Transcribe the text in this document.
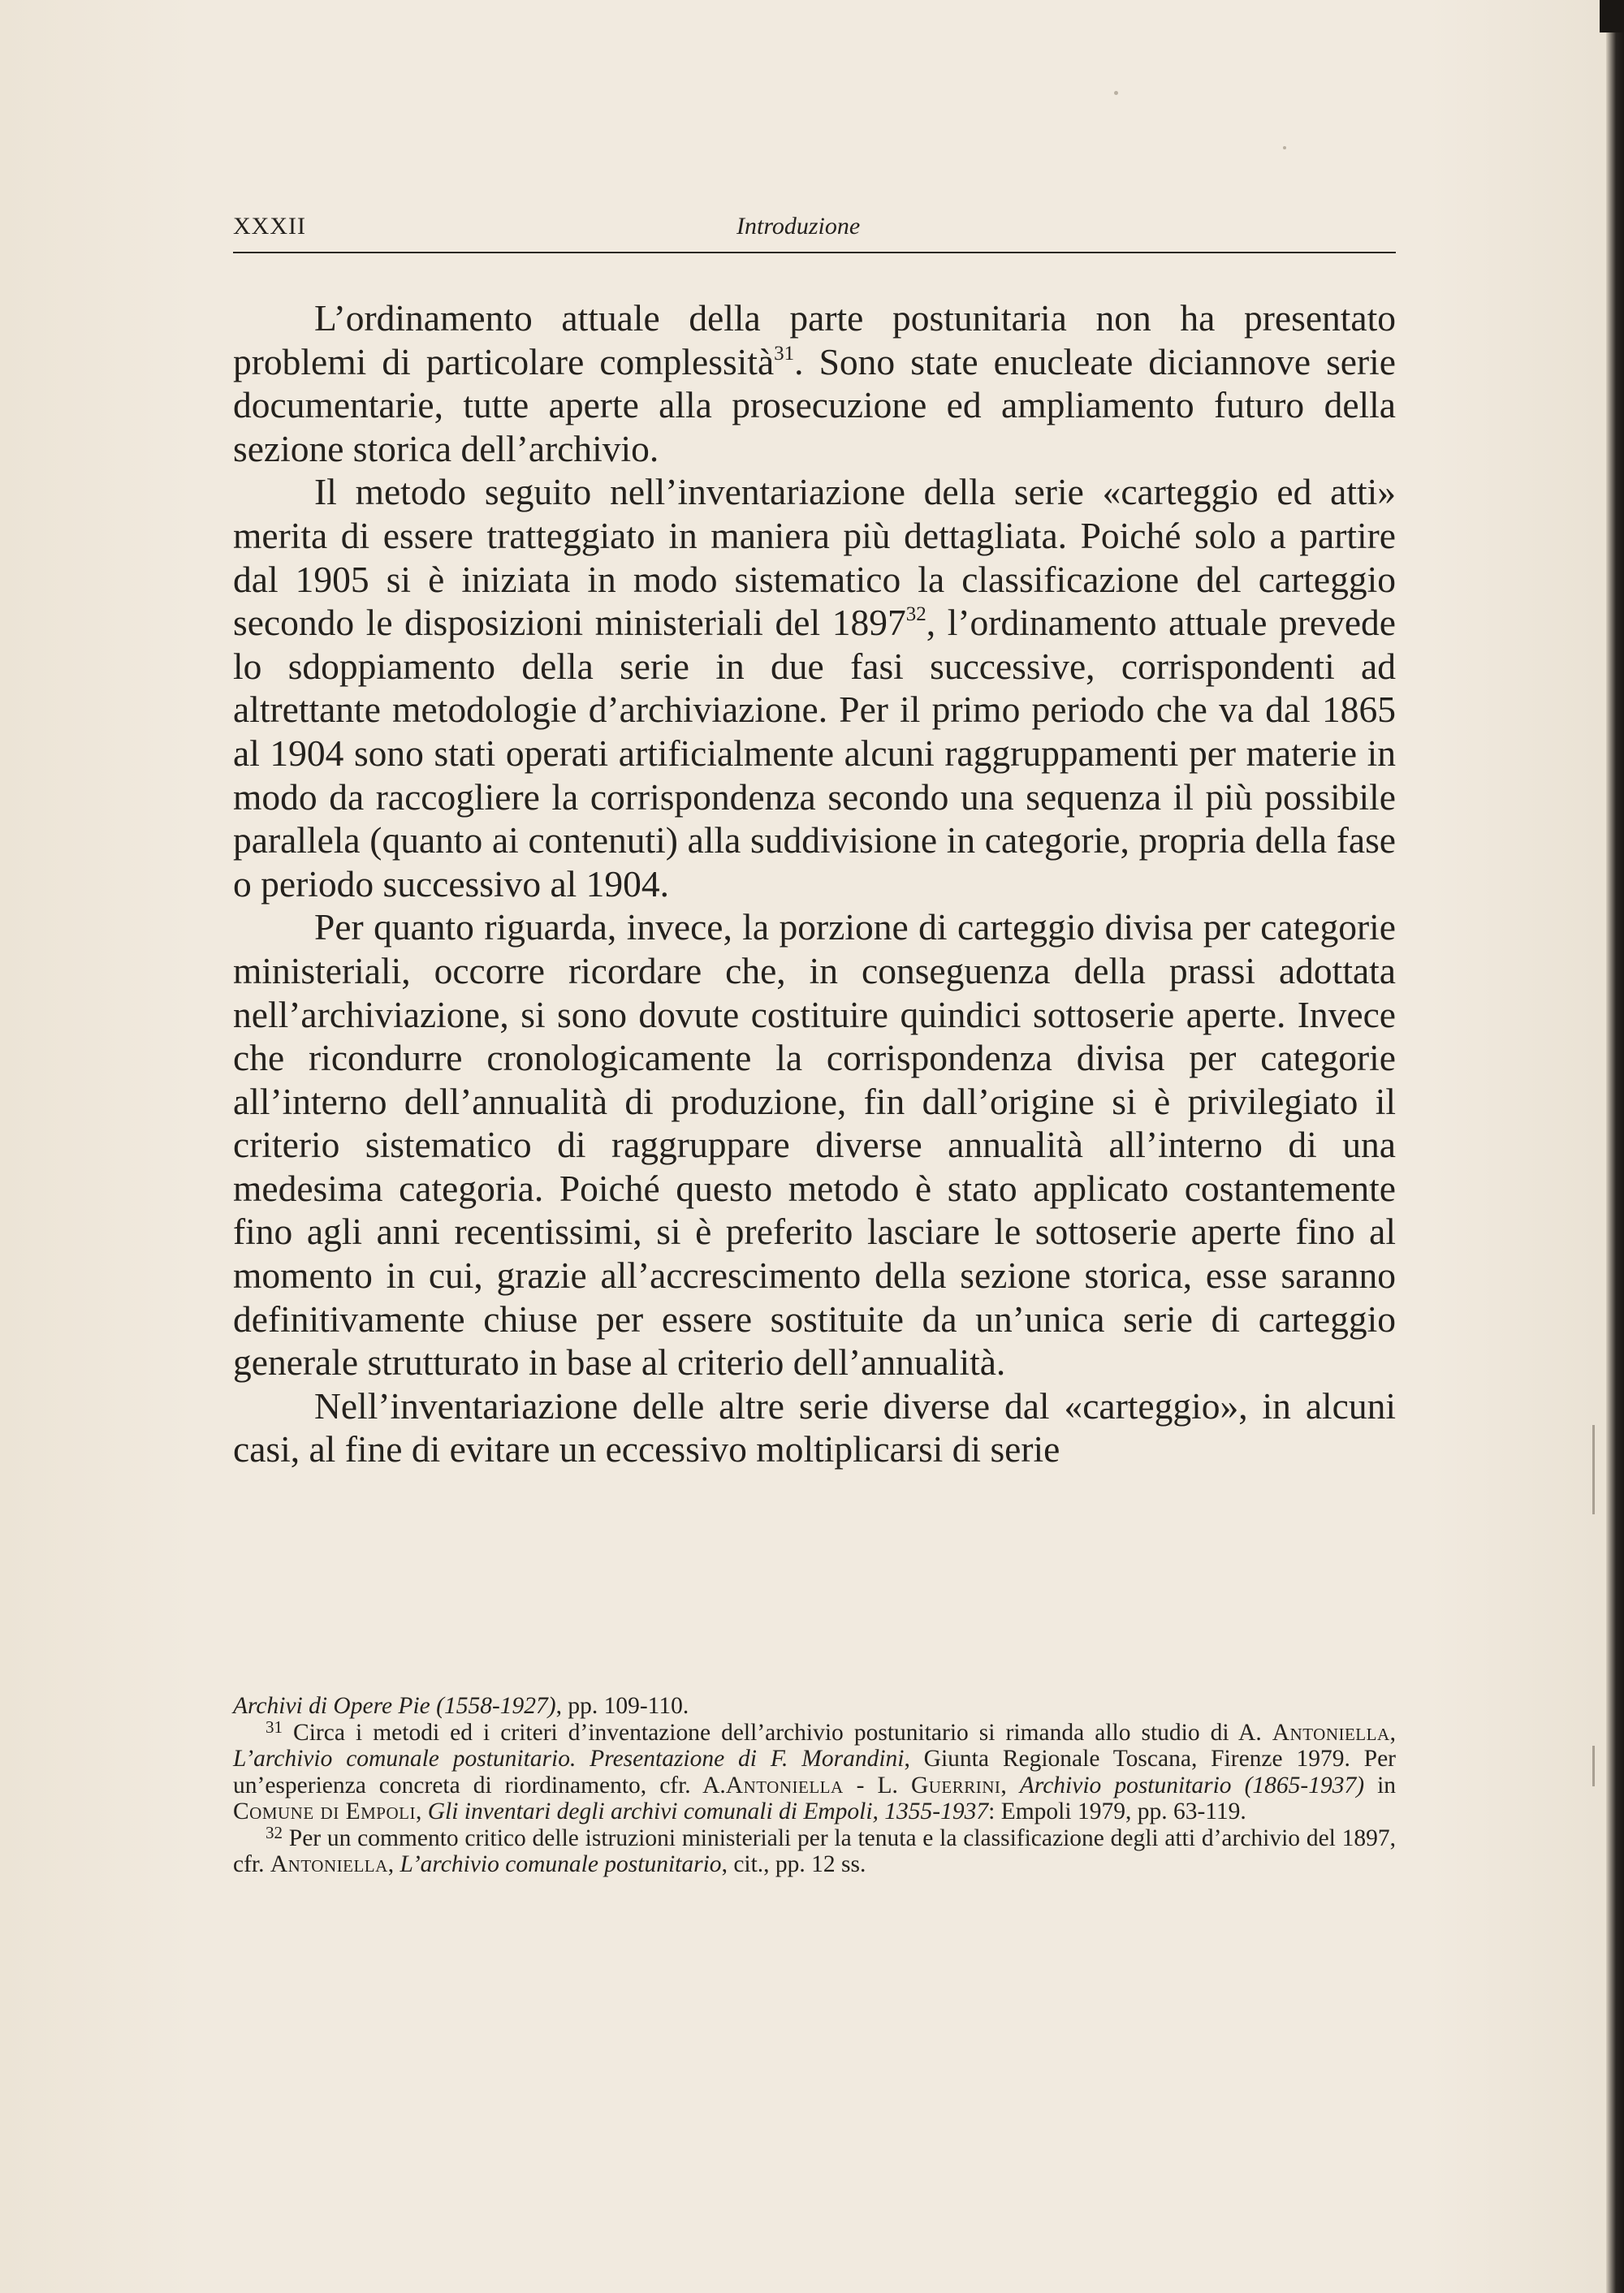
XXXII	Introduzione

L’ordinamento attuale della parte postunitaria non ha presentato problemi di particolare complessità$^{31}$. Sono state enucleate diciannove serie documentarie, tutte aperte alla prosecuzione ed ampliamento futuro della sezione storica dell’archivio.

Il metodo seguito nell’inventariazione della serie «carteggio ed atti» merita di essere tratteggiato in maniera più dettagliata. Poiché solo a partire dal 1905 si è iniziata in modo sistematico la classificazione del carteggio secondo le disposizioni ministeriali del 1897$^{32}$, l’ordinamento attuale prevede lo sdoppiamento della serie in due fasi successive, corrispondenti ad altrettante metodologie d’archiviazione. Per il primo periodo che va dal 1865 al 1904 sono stati operati artificialmente alcuni raggruppamenti per materie in modo da raccogliere la corrispondenza secondo una sequenza il più possibile parallela (quanto ai contenuti) alla suddivisione in categorie, propria della fase o periodo successivo al 1904.

Per quanto riguarda, invece, la porzione di carteggio divisa per categorie ministeriali, occorre ricordare che, in conseguenza della prassi adottata nell’archiviazione, si sono dovute costituire quindici sottoserie aperte. Invece che ricondurre cronologicamente la corrispondenza divisa per categorie all’interno dell’annualità di produzione, fin dall’origine si è privilegiato il criterio sistematico di raggruppare diverse annualità all’interno di una medesima categoria. Poiché questo metodo è stato applicato costantemente fino agli anni recentissimi, si è preferito lasciare le sottoserie aperte fino al momento in cui, grazie all’accrescimento della sezione storica, esse saranno definitivamente chiuse per essere sostituite da un’unica serie di carteggio generale strutturato in base al criterio dell’annualità.

Nell’inventariazione delle altre serie diverse dal «carteggio», in alcuni casi, al fine di evitare un eccessivo moltiplicarsi di serie

Archivi di Opere Pie (1558-1927), pp. 109-110.

$^{31}$ Circa i metodi ed i criteri d’inventazione dell’archivio postunitario si rimanda allo studio di A. Antoniella, L’archivio comunale postunitario. Presentazione di F. Morandini, Giunta Regionale Toscana, Firenze 1979. Per un’esperienza concreta di riordinamento, cfr. A.Antoniella - L. Guerrini, Archivio postunitario (1865-1937) in Comune di Empoli, Gli inventari degli archivi comunali di Empoli, 1355-1937: Empoli 1979, pp. 63-119.

$^{32}$ Per un commento critico delle istruzioni ministeriali per la tenuta e la classificazione degli atti d’archivio del 1897, cfr. Antoniella, L’archivio comunale postunitario, cit., pp. 12 ss.
